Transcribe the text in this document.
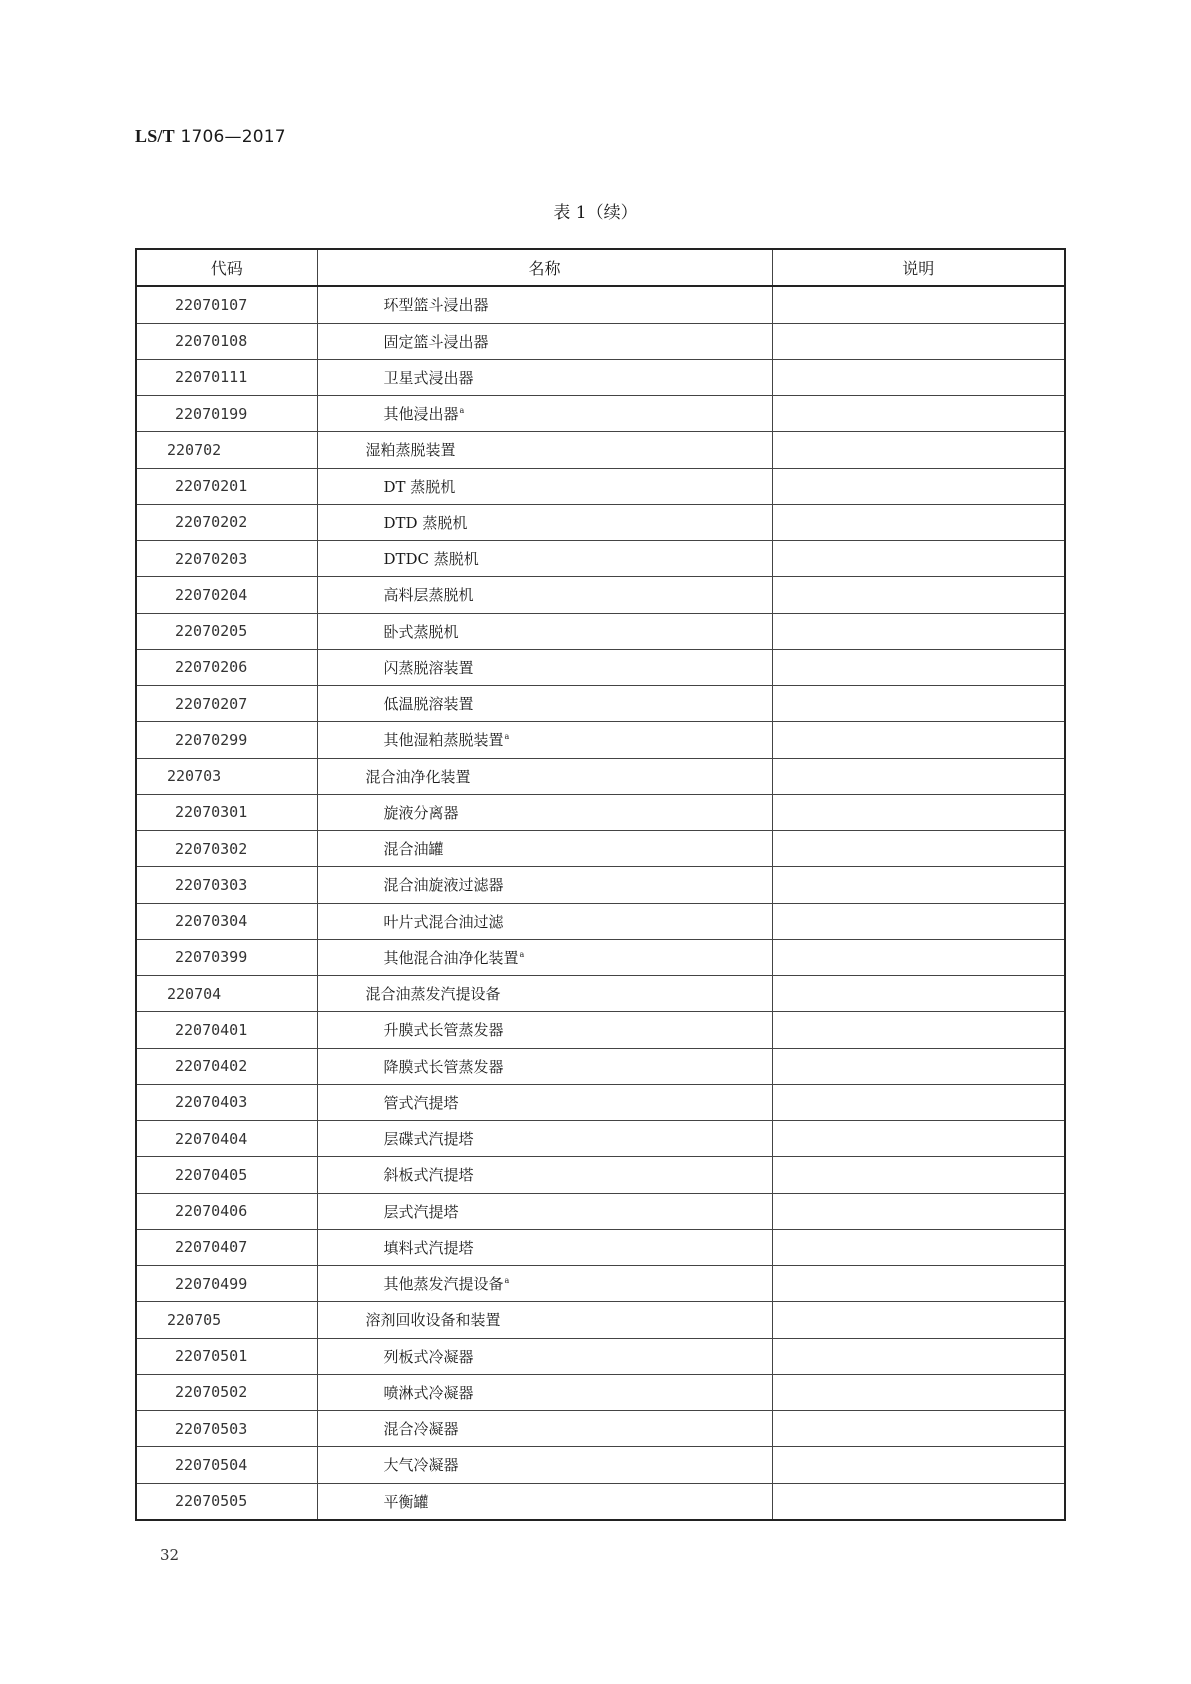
LS/T 1706—2017
表 1（续）
代码	名称	说明
22070107	环型篮斗浸出器	
22070108	固定篮斗浸出器	
22070111	卫星式浸出器	
22070199	其他浸出器$^a$	
220702	湿粕蒸脱装置	
22070201	DT 蒸脱机	
22070202	DTD 蒸脱机	
22070203	DTDC 蒸脱机	
22070204	高料层蒸脱机	
22070205	卧式蒸脱机	
22070206	闪蒸脱溶装置	
22070207	低温脱溶装置	
22070299	其他湿粕蒸脱装置$^a$	
220703	混合油净化装置	
22070301	旋液分离器	
22070302	混合油罐	
22070303	混合油旋液过滤器	
22070304	叶片式混合油过滤	
22070399	其他混合油净化装置$^a$	
220704	混合油蒸发汽提设备	
22070401	升膜式长管蒸发器	
22070402	降膜式长管蒸发器	
22070403	管式汽提塔	
22070404	层碟式汽提塔	
22070405	斜板式汽提塔	
22070406	层式汽提塔	
22070407	填料式汽提塔	
22070499	其他蒸发汽提设备$^a$	
220705	溶剂回收设备和装置	
22070501	列板式冷凝器	
22070502	喷淋式冷凝器	
22070503	混合冷凝器	
22070504	大气冷凝器	
22070505	平衡罐	
32
